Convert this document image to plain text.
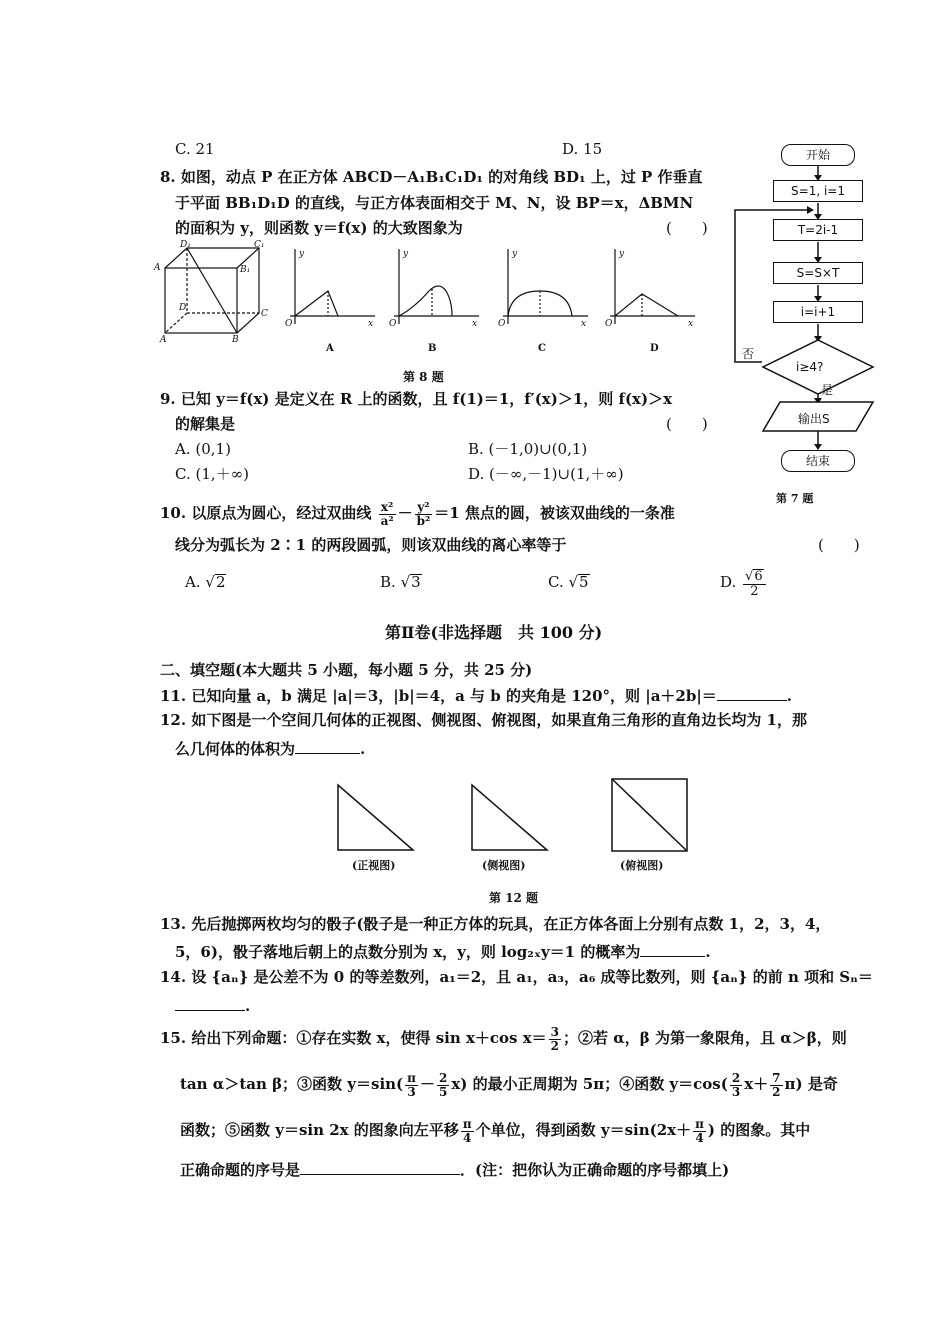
C. 21	D. 15	开始
S=1, i=1
T=2i-1
S=S×T
i=i+1
i≥4?
否
是
输出S
结束
第 7 题
8. 如图，动点 P 在正方体 ABCD－A₁B₁C₁D₁ 的对角线 BD₁ 上，过 P 作垂直
于平面 BB₁D₁D 的直线，与正方体表面相交于 M、N，设 BP＝x，ΔBMN
的面积为 y，则函数 y＝f(x) 的大致图象为	(　　)
D₁	C₁
A	B₁
D
C
A	B
y
x
O
y
x
O
y
x
O
y
x
O
A	B	C	D
第 8 题
9. 已知 y＝f(x) 是定义在 R 上的函数，且 f(1)＝1，f′(x)＞1，则 f(x)＞x
的解集是	(　　)
A. (0,1)	B. (－1,0)∪(0,1)
C. (1,＋∞)	D. (－∞,－1)∪(1,＋∞)
10. 以原点为圆心，经过双曲线 $\frac{\text{x²}}{\text{a²}} - \frac{\text{y²}}{\text{b²}} =1$ 焦点的圆，被该双曲线的一条准
线分为弧长为 2∶1 的两段圆弧，则该双曲线的离心率等于	(　　)
A. √2	B. √3	C. √5	D. $\frac{√6}{2}$
第Ⅱ卷(非选择题　共 100 分)
二、填空题(本大题共 5 小题，每小题 5 分，共 25 分)
11. 已知向量 a，b 满足 |a|＝3，|b|＝4，a 与 b 的夹角是 120°，则 |a＋2b|＝	.
12. 如下图是一个空间几何体的正视图、侧视图、俯视图，如果直角三角形的直角边长均为 1，那
么几何体的体积为	.
(正视图)	(侧视图)	(俯视图)
第 12 题
13. 先后抛掷两枚均匀的骰子(骰子是一种正方体的玩具，在正方体各面上分别有点数 1，2，3，4，
5，6)，骰子落地后朝上的点数分别为 x，y，则 log₂ₓy＝1 的概率为	.
14. 设 {aₙ} 是公差不为 0 的等差数列，a₁＝2，且 a₁，a₃，a₆ 成等比数列，则 {aₙ} 的前 n 项和 Sₙ＝
.
15. 给出下列命题：①存在实数 x，使得 sin x＋cos $x= \frac{3}{2}$ ；②若 α，β 为第一象限角，且 α＞β，则
tan α＞tan β；③函数 $y=\sin( \frac{\pi}{3} - \frac{2}{5} x)$ 的最小正周期为 5π；④函数 $y=\cos( \frac{2}{3} x+ \frac{7}{2} \pi)$ 是奇
函数；⑤函数 y＝sin 2x 的图象向左平移 $\frac{\pi}{4}$ 个单位，得到函数 $y=\sin(2x+ \frac{\pi}{4}$ ) 的图象。其中
正确命题的序号是	．(注：把你认为正确命题的序号都填上)
